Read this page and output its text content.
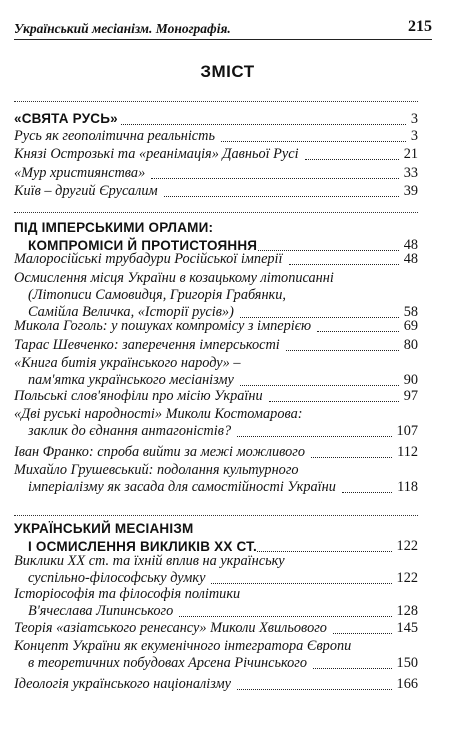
Український месіанізм. Монографія.	215
ЗМІСТ
«СВЯТА РУСЬ»	3
Русь як геополітична реальність	3
Князі Острозькі та «реанімація» Давньої Русі	21
«Мур християнства»	33
Київ – другий Єрусалим	39
ПІД ІМПЕРСЬКИМИ ОРЛАМИ:
КОМПРОМІСИ Й ПРОТИСТОЯННЯ	48
Малоросійські трубадури Російської імперії	48
Осмислення місця України в козацькому літописанні
(Літописи Самовидця, Григорія Грабянки,
Самійла Величка, «Історії русів»)	58
Микола Гоголь: у пошуках компромісу з імперією	69
Тарас Шевченко: заперечення імперськості	80
«Книга битія українського народу» –
пам'ятка українського месіанізму	90
Польські слов'янофіли про місію України	97
«Дві руські народності» Миколи Костомарова:
заклик до єднання антагоністів?	107
Іван Франко: спроба вийти за межі можливого	112
Михайло Грушевський: подолання культурного
імперіалізму як засада для самостійності України	118
УКРАЇНСЬКИЙ МЕСІАНІЗМ
І ОСМИСЛЕННЯ ВИКЛИКІВ ХХ СТ.	122
Виклики ХХ ст. та їхній вплив на українську
суспільно-філософську думку	122
Історіософія та філософія політики
В'ячеслава Липинського	128
Теорія «азіатського ренесансу» Миколи Хвильового	145
Концепт України як екуменічного інтегратора Європи
в теоретичних побудовах Арсена Річинського	150
Ідеологія українського націоналізму	166
